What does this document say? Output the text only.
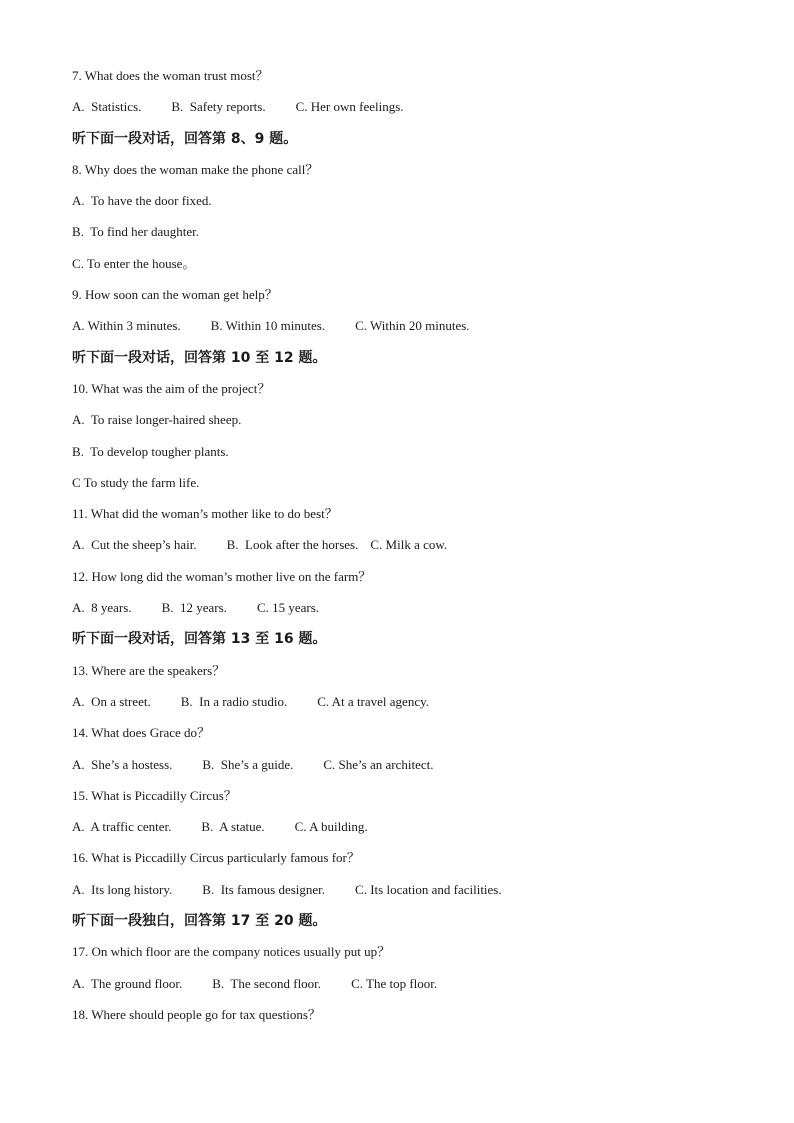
7. What does the woman trust most？
A.  Statistics. B.  Safety reports. C. Her own feelings.
听下面一段对话，回答第 8、9 题。
8. Why does the woman make the phone call？
A.  To have the door fixed.
B.  To find her daughter.
C. To enter the house。
9. How soon can the woman get help？
A. Within 3 minutes. B. Within 10 minutes. C. Within 20 minutes.
听下面一段对话，回答第 10 至 12 题。
10. What was the aim of the project？
A.  To raise longer-haired sheep.
B.  To develop tougher plants.
C To study the farm life.
11. What did the woman’s mother like to do best？
A.  Cut the sheep’s hair. B.  Look after the horses. C. Milk a cow.
12. How long did the woman’s mother live on the farm？
A.  8 years. B.  12 years. C. 15 years.
听下面一段对话，回答第 13 至 16 题。
13. Where are the speakers？
A.  On a street. B.  In a radio studio. C. At a travel agency.
14. What does Grace do？
A.  She’s a hostess. B.  She’s a guide. C. She’s an architect.
15. What is Piccadilly Circus？
A.  A traffic center. B.  A statue. C. A building.
16. What is Piccadilly Circus particularly famous for？
A.  Its long history. B.  Its famous designer. C. Its location and facilities.
听下面一段独白，回答第 17 至 20 题。
17. On which floor are the company notices usually put up？
A.  The ground floor. B.  The second floor. C. The top floor.
18. Where should people go for tax questions？
